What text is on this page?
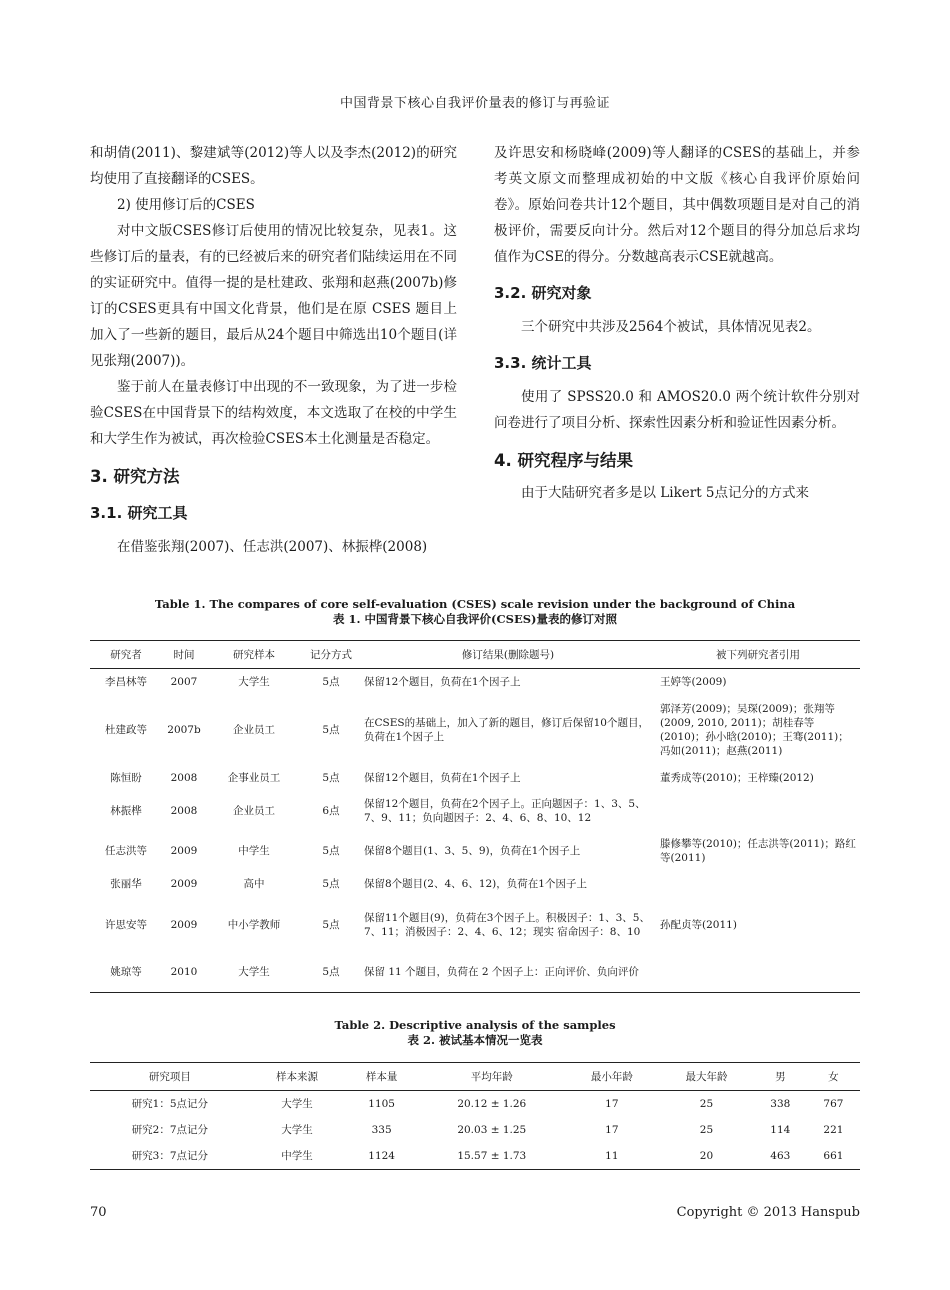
中国背景下核心自我评价量表的修订与再验证

和胡倩(2011)、黎建斌等(2012)等人以及李杰(2012)的研究均使用了直接翻译的CSES。

2) 使用修订后的CSES

对中文版CSES修订后使用的情况比较复杂，见表1。这些修订后的量表，有的已经被后来的研究者们陆续运用在不同的实证研究中。值得一提的是杜建政、张翔和赵燕(2007b)修订的CSES更具有中国文化背景，他们是在原 CSES 题目上加入了一些新的题目，最后从24个题目中筛选出10个题目(详见张翔(2007))。

鉴于前人在量表修订中出现的不一致现象，为了进一步检验CSES在中国背景下的结构效度，本文选取了在校的中学生和大学生作为被试，再次检验CSES本土化测量是否稳定。

3. 研究方法
3.1. 研究工具

在借鉴张翔(2007)、任志洪(2007)、林振桦(2008)

及许思安和杨晓峰(2009)等人翻译的CSES的基础上，并参考英文原文而整理成初始的中文版《核心自我评价原始问卷》。原始问卷共计12个题目，其中偶数项题目是对自己的消极评价，需要反向计分。然后对12个题目的得分加总后求均值作为CSE的得分。分数越高表示CSE就越高。

3.2. 研究对象

三个研究中共涉及2564个被试，具体情况见表2。

3.3. 统计工具

使用了 SPSS20.0 和 AMOS20.0 两个统计软件分别对问卷进行了项目分析、探索性因素分析和验证性因素分析。

4. 研究程序与结果

由于大陆研究者多是以 Likert 5点记分的方式来

Table 1. The compares of core self-evaluation (CSES) scale revision under the background of China
表 1. 中国背景下核心自我评价(CSES)量表的修订对照
研究者	时间	研究样本	记分方式	修订结果(删除题号)	被下列研究者引用
李昌林等	2007	大学生	5点	保留12个题目，负荷在1个因子上	王婷等(2009)
杜建政等	2007b	企业员工	5点	在CSES的基础上，加入了新的题目，修订后保留10个题目，负荷在1个因子上	郭泽芳(2009)；吴琛(2009)；张翔等(2009, 2010, 2011)；胡桂春等(2010)；孙小晗(2010)；王骞(2011)；冯如(2011)；赵燕(2011)
陈恒盼	2008	企事业员工	5点	保留12个题目，负荷在1个因子上	董秀成等(2010)；王梓臻(2012)
林振桦	2008	企业员工	6点	保留12个题目，负荷在2个因子上。正向题因子：1、3、5、7、9、11；负向题因子：2、4、6、8、10、12	
任志洪等	2009	中学生	5点	保留8个题目(1、3、5、9)，负荷在1个因子上	滕修攀等(2010)；任志洪等(2011)；路红等(2011)
张丽华	2009	高中	5点	保留8个题目(2、4、6、12)，负荷在1个因子上	
许思安等	2009	中小学教师	5点	保留11个题目(9)，负荷在3个因子上。积极因子：1、3、5、7、11；消极因子：2、4、6、12；现实 宿命因子：8、10	孙配贞等(2011)
姚琼等	2010	大学生	5点	保留 11 个题目，负荷在 2 个因子上：正向评价、负向评价	
Table 2. Descriptive analysis of the samples
表 2. 被试基本情况一览表
研究项目	样本来源	样本量	平均年龄	最小年龄	最大年龄	男	女
研究1：5点记分	大学生	1105	20.12 ± 1.26	17	25	338	767
研究2：7点记分	大学生	335	20.03 ± 1.25	17	25	114	221
研究3：7点记分	中学生	1124	15.57 ± 1.73	11	20	463	661
70	Copyright © 2013 Hanspub
